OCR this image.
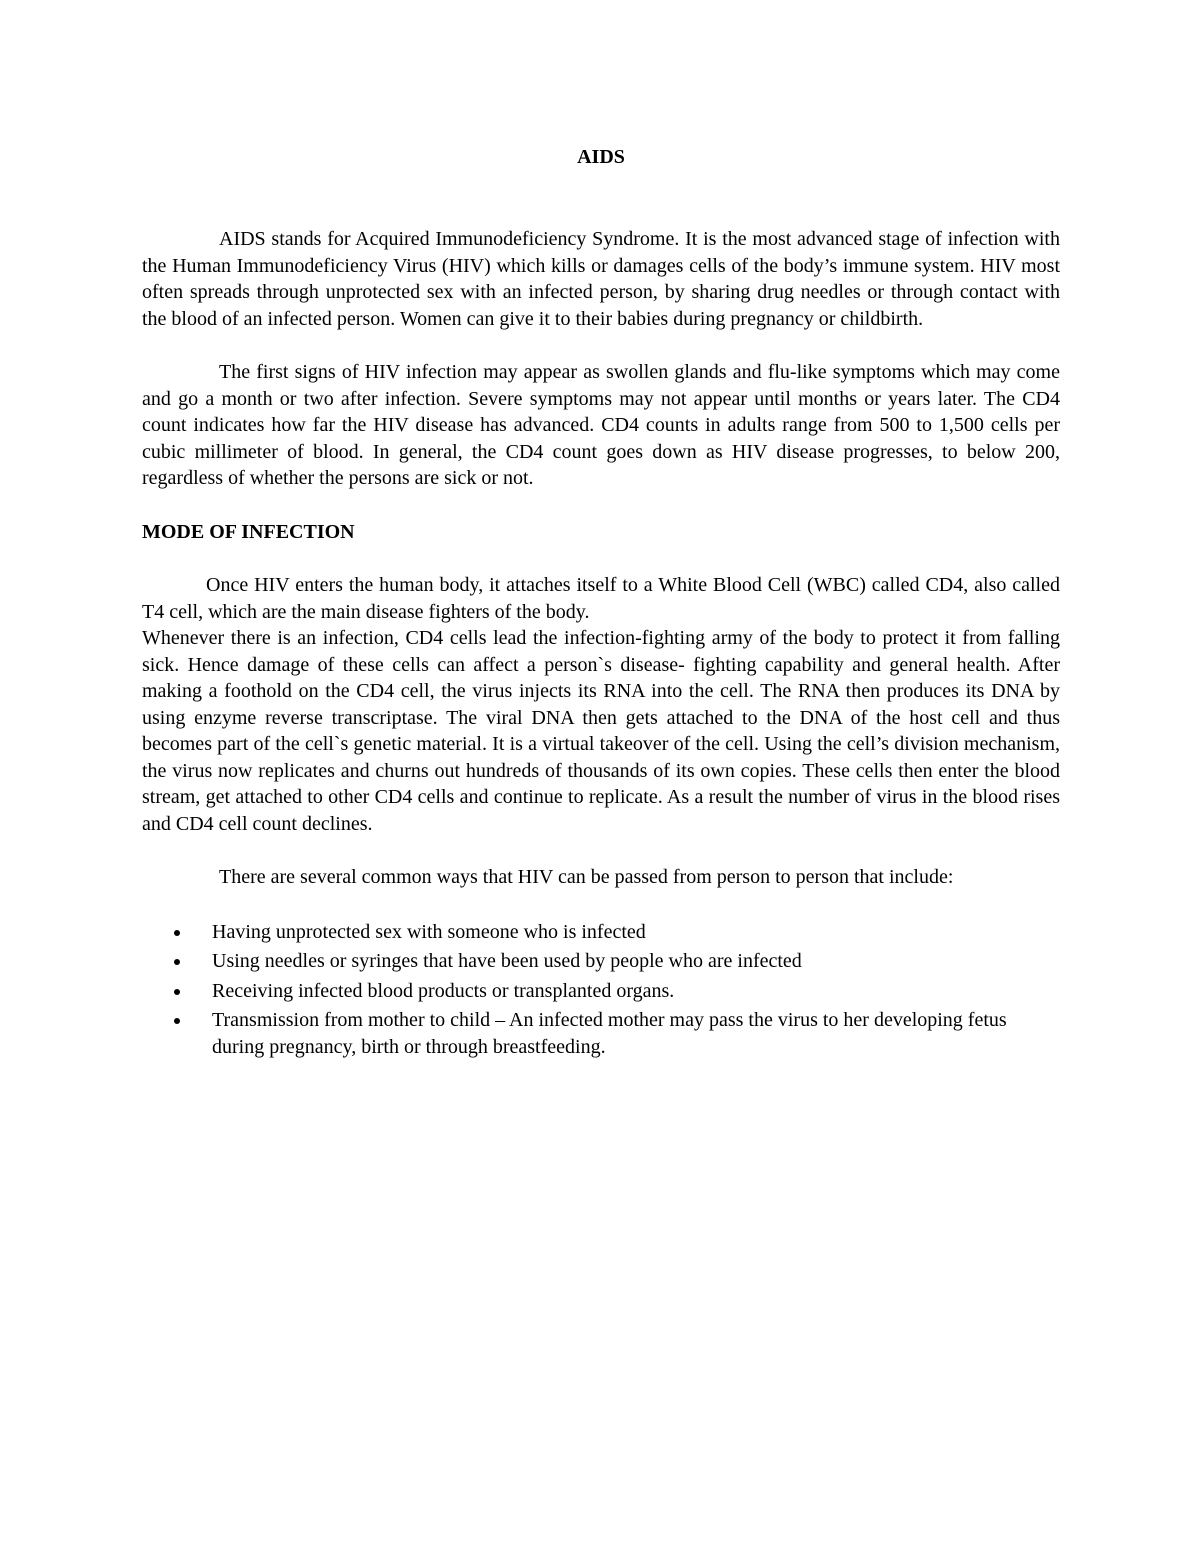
AIDS

AIDS stands for Acquired Immunodeficiency Syndrome. It is the most advanced stage of infection with the Human Immunodeficiency Virus (HIV) which kills or damages cells of the body’s immune system. HIV most often spreads through unprotected sex with an infected person, by sharing drug needles or through contact with the blood of an infected person. Women can give it to their babies during pregnancy or childbirth.

The first signs of HIV infection may appear as swollen glands and flu-like symptoms which may come and go a month or two after infection. Severe symptoms may not appear until months or years later. The CD4 count indicates how far the HIV disease has advanced. CD4 counts in adults range from 500 to 1,500 cells per cubic millimeter of blood. In general, the CD4 count goes down as HIV disease progresses, to below 200, regardless of whether the persons are sick or not.

MODE OF INFECTION

Once HIV enters the human body, it attaches itself to a White Blood Cell (WBC) called CD4, also called T4 cell, which are the main disease fighters of the body.

Whenever there is an infection, CD4 cells lead the infection-fighting army of the body to protect it from falling sick. Hence damage of these cells can affect a person`s disease- fighting capability and general health. After making a foothold on the CD4 cell, the virus injects its RNA into the cell. The RNA then produces its DNA by using enzyme reverse transcriptase. The viral DNA then gets attached to the DNA of the host cell and thus becomes part of the cell`s genetic material. It is a virtual takeover of the cell. Using the cell’s division mechanism, the virus now replicates and churns out hundreds of thousands of its own copies. These cells then enter the blood stream, get attached to other CD4 cells and continue to replicate. As a result the number of virus in the blood rises and CD4 cell count declines.

There are several common ways that HIV can be passed from person to person that include:

Having unprotected sex with someone who is infected
Using needles or syringes that have been used by people who are infected
Receiving infected blood products or transplanted organs.
Transmission from mother to child – An infected mother may pass the virus to her developing fetus during pregnancy, birth or through breastfeeding.
